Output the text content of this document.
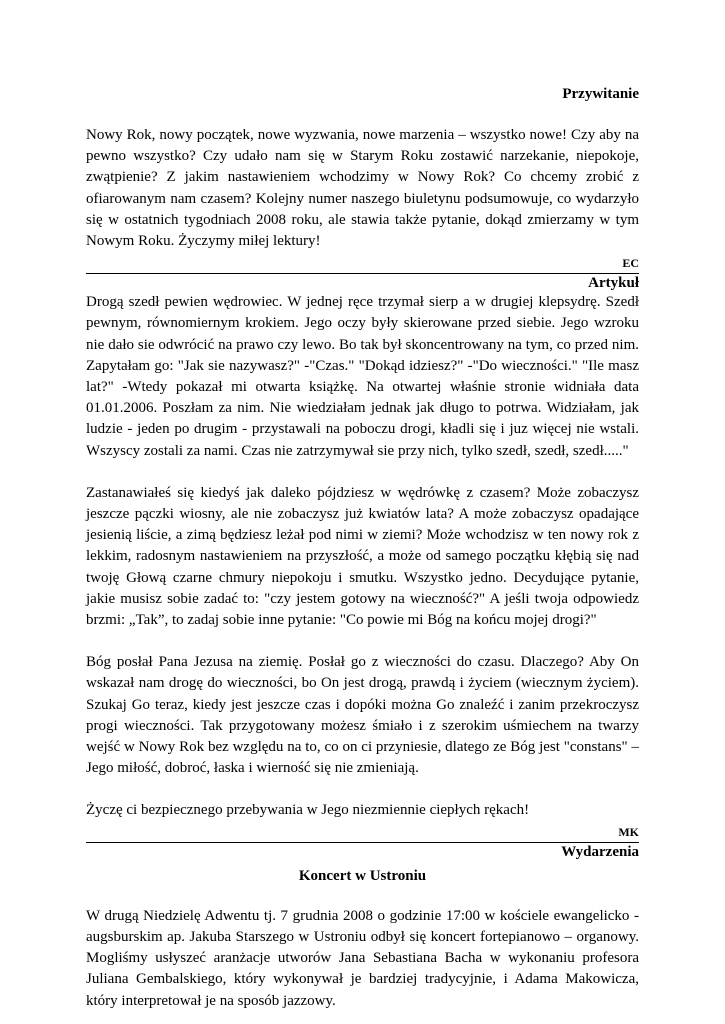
Przywitanie

Nowy Rok, nowy początek, nowe wyzwania, nowe marzenia – wszystko nowe! Czy aby na pewno wszystko? Czy udało nam się w Starym Roku zostawić narzekanie, niepokoje, zwątpienie? Z jakim nastawieniem wchodzimy w Nowy Rok? Co chcemy zrobić z ofiarowanym nam czasem? Kolejny numer naszego biuletynu podsumowuje, co wydarzyło się w ostatnich tygodniach 2008 roku, ale stawia także pytanie, dokąd zmierzamy w tym Nowym Roku. Życzymy miłej lektury!

EC

Artykuł

Drogą szedł pewien wędrowiec. W jednej ręce trzymał sierp a w drugiej klepsydrę. Szedł pewnym, równomiernym krokiem. Jego oczy były skierowane przed siebie. Jego wzroku nie dało sie odwrócić na prawo czy lewo. Bo tak był skoncentrowany na tym, co przed nim. Zapytałam go: "Jak sie nazywasz?" -"Czas." "Dokąd idziesz?" -"Do wieczności." "Ile masz lat?" -Wtedy pokazał mi otwarta książkę. Na otwartej właśnie stronie widniała data 01.01.2006. Poszłam za nim. Nie wiedziałam jednak jak długo to potrwa. Widziałam, jak ludzie - jeden po drugim - przystawali na poboczu drogi, kładli się i juz więcej nie wstali. Wszyscy zostali za nami. Czas nie zatrzymywał sie przy nich, tylko szedł, szedł, szedł....."

Zastanawiałeś się kiedyś jak daleko pójdziesz w wędrówkę z czasem? Może zobaczysz jeszcze pączki wiosny, ale nie zobaczysz już kwiatów lata? A może zobaczysz opadające jesienią liście, a zimą będziesz leżał pod nimi w ziemi? Może wchodzisz w ten nowy rok z lekkim, radosnym nastawieniem na przyszłość, a może od samego początku kłębią się nad twoję Głową czarne chmury niepokoju i smutku. Wszystko jedno. Decydujące pytanie, jakie musisz sobie zadać to: "czy jestem gotowy na wieczność?" A jeśli twoja odpowiedz brzmi: „Tak”, to zadaj sobie inne pytanie: "Co powie mi Bóg na końcu mojej drogi?"

Bóg posłał Pana Jezusa na ziemię. Posłał go z wieczności do czasu. Dlaczego? Aby On wskazał nam drogę do wieczności, bo On jest drogą, prawdą i życiem (wiecznym życiem). Szukaj Go teraz, kiedy jest jeszcze czas i dopóki można Go znaleźć i zanim przekroczysz progi wieczności. Tak przygotowany możesz śmiało i z szerokim uśmiechem na twarzy wejść w Nowy Rok bez względu na to, co on ci przyniesie, dlatego ze Bóg jest "constans" – Jego miłość, dobroć, łaska i wierność się nie zmieniają.

Życzę ci bezpiecznego przebywania w Jego niezmiennie ciepłych rękach!

MK

Wydarzenia
Koncert w Ustroniu

W drugą Niedzielę Adwentu tj. 7 grudnia 2008 o godzinie 17:00 w kościele ewangelicko - augsburskim ap. Jakuba Starszego w Ustroniu odbył się koncert fortepianowo – organowy. Mogliśmy usłyszeć aranżacje utworów Jana Sebastiana Bacha w wykonaniu profesora Juliana Gembalskiego, który wykonywał je bardziej tradycyjnie, i Adama Makowicza, który interpretował je na sposób jazzowy.
